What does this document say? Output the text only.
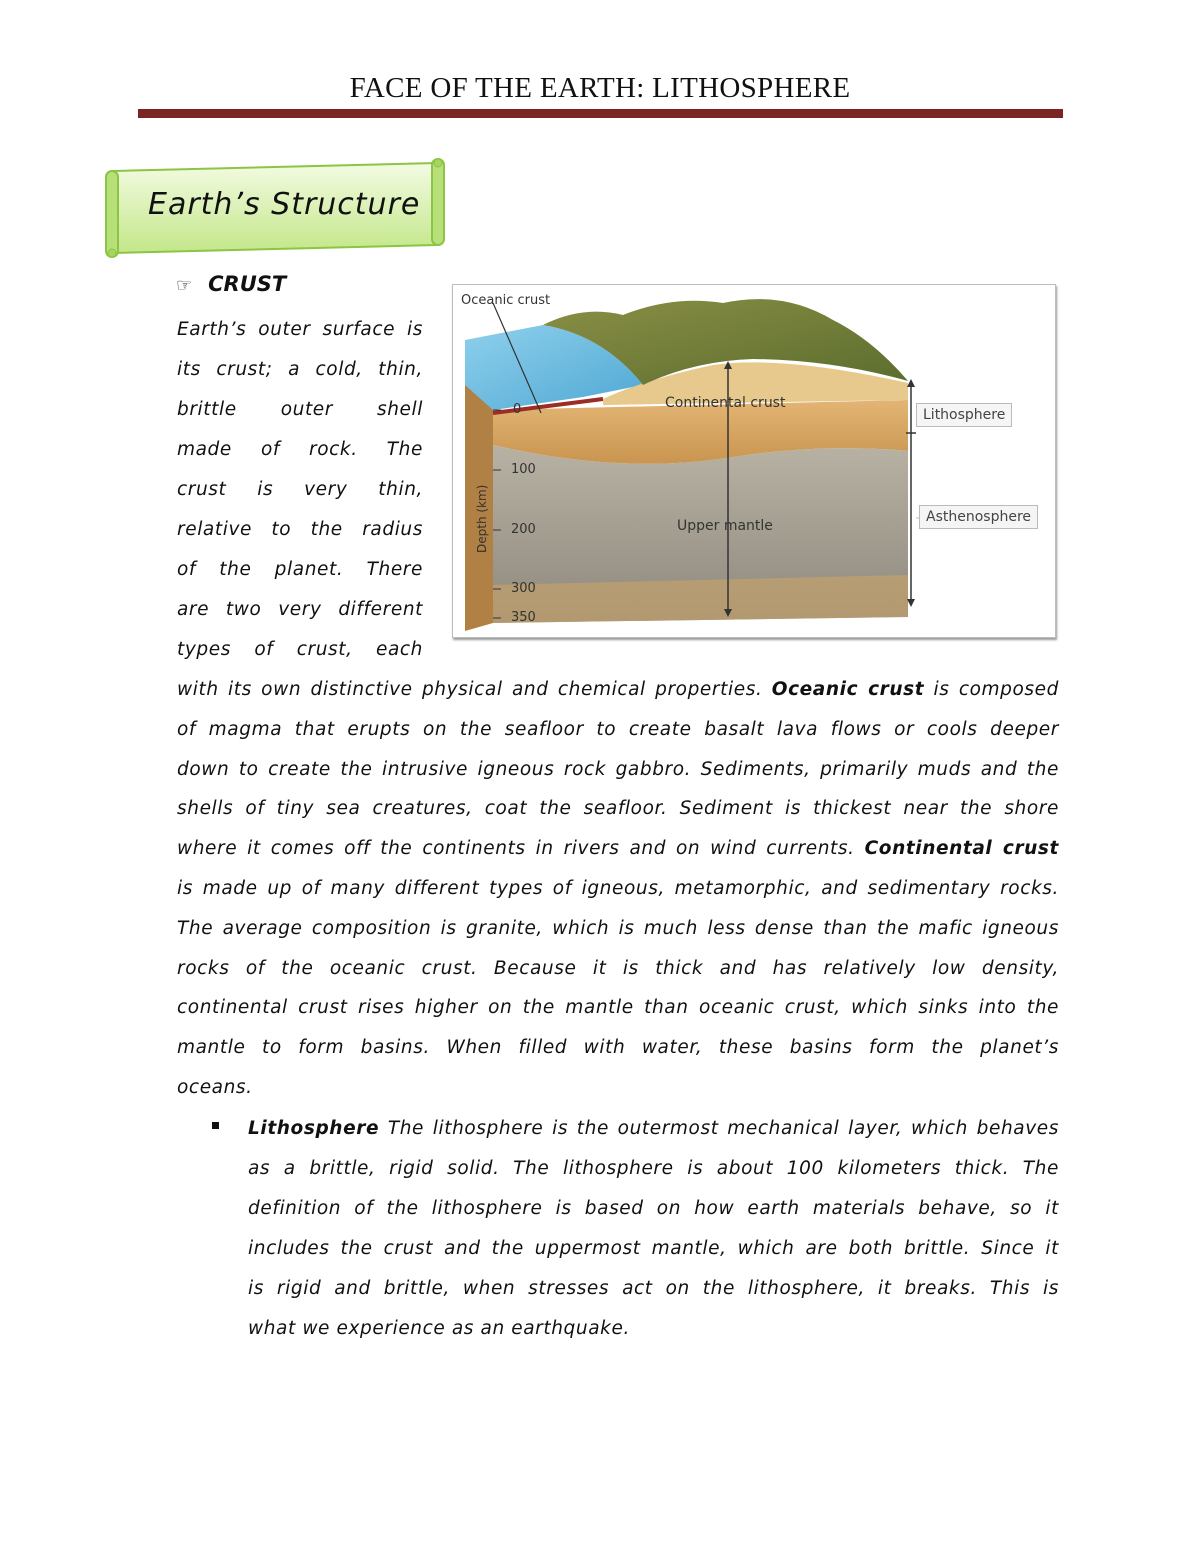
FACE OF THE EARTH: LITHOSPHERE
Earth’s Structure
☞ CRUST
Earth’s outer surface is
its crust; a cold, thin,
brittle outer shell
made of rock. The
crust is very thin,
relative to the radius
of the planet. There
are two very different
types of crust, each
with its own distinctive physical and chemical properties. Oceanic crust is composed
of magma that erupts on the seafloor to create basalt lava flows or cools deeper
down to create the intrusive igneous rock gabbro. Sediments, primarily muds and the
shells of tiny sea creatures, coat the seafloor. Sediment is thickest near the shore
where it comes off the continents in rivers and on wind currents. Continental crust
is made up of many different types of igneous, metamorphic, and sedimentary rocks.
The average composition is granite, which is much less dense than the mafic igneous
rocks of the oceanic crust. Because it is thick and has relatively low density,
continental crust rises higher on the mantle than oceanic crust, which sinks into the
mantle to form basins. When filled with water, these basins form the planet’s
oceans.
Lithosphere The lithosphere is the outermost mechanical layer, which behaves
as a brittle, rigid solid. The lithosphere is about 100 kilometers thick. The
definition of the lithosphere is based on how earth materials behave, so it
includes the crust and the uppermost mantle, which are both brittle. Since it
is rigid and brittle, when stresses act on the lithosphere, it breaks. This is
what we experience as an earthquake.
Oceanic crust
Continental crust
Upper mantle
Depth (km)
0
100
200
300
350
Lithosphere
Asthenosphere
